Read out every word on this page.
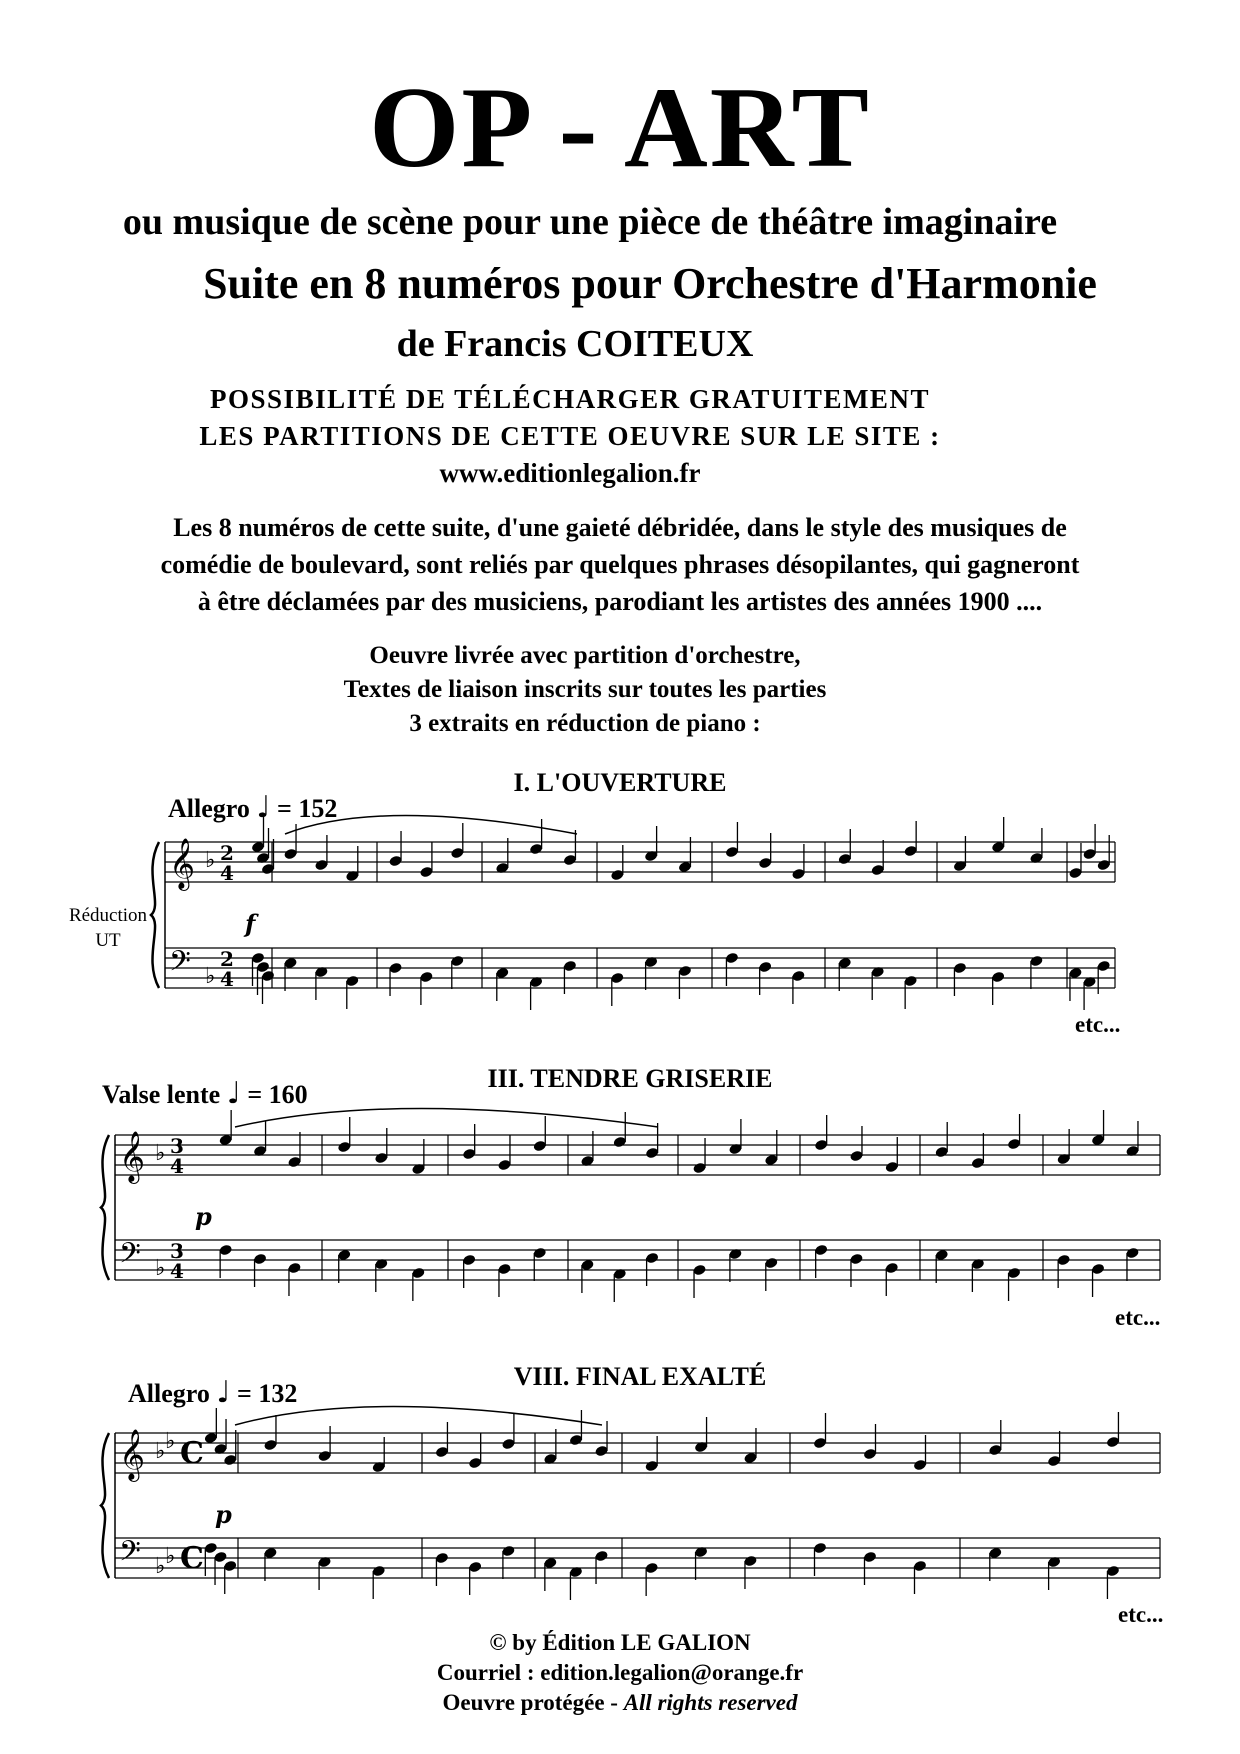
OP - ART
ou musique de scène pour une pièce de théâtre imaginaire
Suite en 8 numéros pour Orchestre d'Harmonie
de Francis COITEUX
POSSIBILITÉ DE TÉLÉCHARGER GRATUITEMENT
LES PARTITIONS DE CETTE OEUVRE SUR LE SITE :
www.editionlegalion.fr
Les 8 numéros de cette suite, d'une gaieté débridée, dans le style des musiques de
comédie de boulevard, sont reliés par quelques phrases désopilantes, qui gagneront
à être déclamées par des musiciens, parodiant les artistes des années 1900 ....
Oeuvre livrée avec partition d'orchestre,
Textes de liaison inscrits sur toutes les parties
3 extraits en réduction de piano :
I. L'OUVERTURE
Allegro ♩ = 152
Réduction
UT
etc...
III. TENDRE GRISERIE
Valse lente ♩ = 160
etc...
VIII. FINAL EXALTÉ
Allegro ♩ = 132
etc...
𝄞
𝄢
♭
♭
2
4
2
4
f
𝄞
𝄢
♭
♭
3
4
3
4
p
𝄞
𝄢
♭
♭
♭
♭
C
C
p
© by Édition LE GALION
Courriel : edition.legalion@orange.fr
Oeuvre protégée - All rights reserved
